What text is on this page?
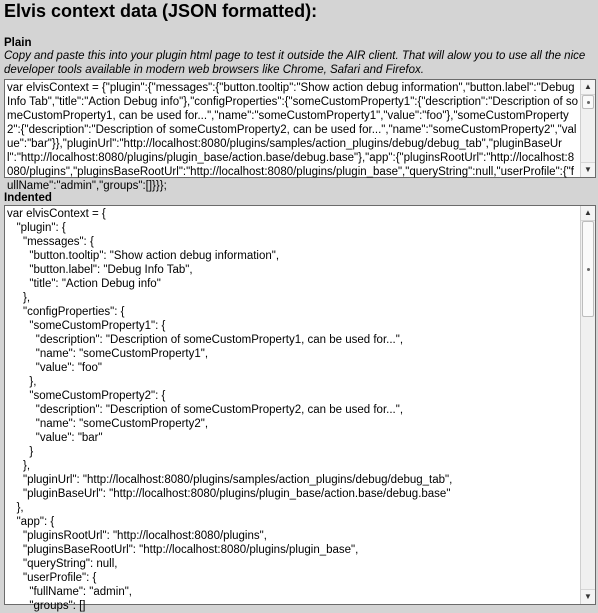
Elvis context data (JSON formatted):
Plain

Copy and paste this into your plugin html page to test it outside the AIR client. That will alow you to use all the nice developer tools available in modern web browsers like Chrome, Safari and Firefox.

var elvisContext = {"plugin":{"messages":{"button.tooltip":"Show action debug information","button.label":"Debug Info Tab","title":"Action Debug info"},"configProperties":{"someCustomProperty1":{"description":"Description of someCustomProperty1, can be used for...","name":"someCustomProperty1","value":"foo"},"someCustomProperty2":{"description":"Description of someCustomProperty2, can be used for...","name":"someCustomProperty2","value":"bar"}},"pluginUrl":"http://localhost:8080/plugins/samples/action_plugins/debug/debug_tab","pluginBaseUrl":"http://localhost:8080/plugins/plugin_base/action.base/debug.base"},"app":{"pluginsRootUrl":"http://localhost:8080/plugins","pluginsBaseRootUrl":"http://localhost:8080/plugins/plugin_base","queryString":null,"userProfile":{"fullName":"admin","groups":[]}}};
▲
▼
Indented
var elvisContext = {
"plugin": {
"messages": {
"button.tooltip": "Show action debug information",
"button.label": "Debug Info Tab",
"title": "Action Debug info"
},
"configProperties": {
"someCustomProperty1": {
"description": "Description of someCustomProperty1, can be used for...",
"name": "someCustomProperty1",
"value": "foo"
},
"someCustomProperty2": {
"description": "Description of someCustomProperty2, can be used for...",
"name": "someCustomProperty2",
"value": "bar"
}
},
"pluginUrl": "http://localhost:8080/plugins/samples/action_plugins/debug/debug_tab",
"pluginBaseUrl": "http://localhost:8080/plugins/plugin_base/action.base/debug.base"
},
"app": {
"pluginsRootUrl": "http://localhost:8080/plugins",
"pluginsBaseRootUrl": "http://localhost:8080/plugins/plugin_base",
"queryString": null,
"userProfile": {
"fullName": "admin",
"groups": []
▲
▼
